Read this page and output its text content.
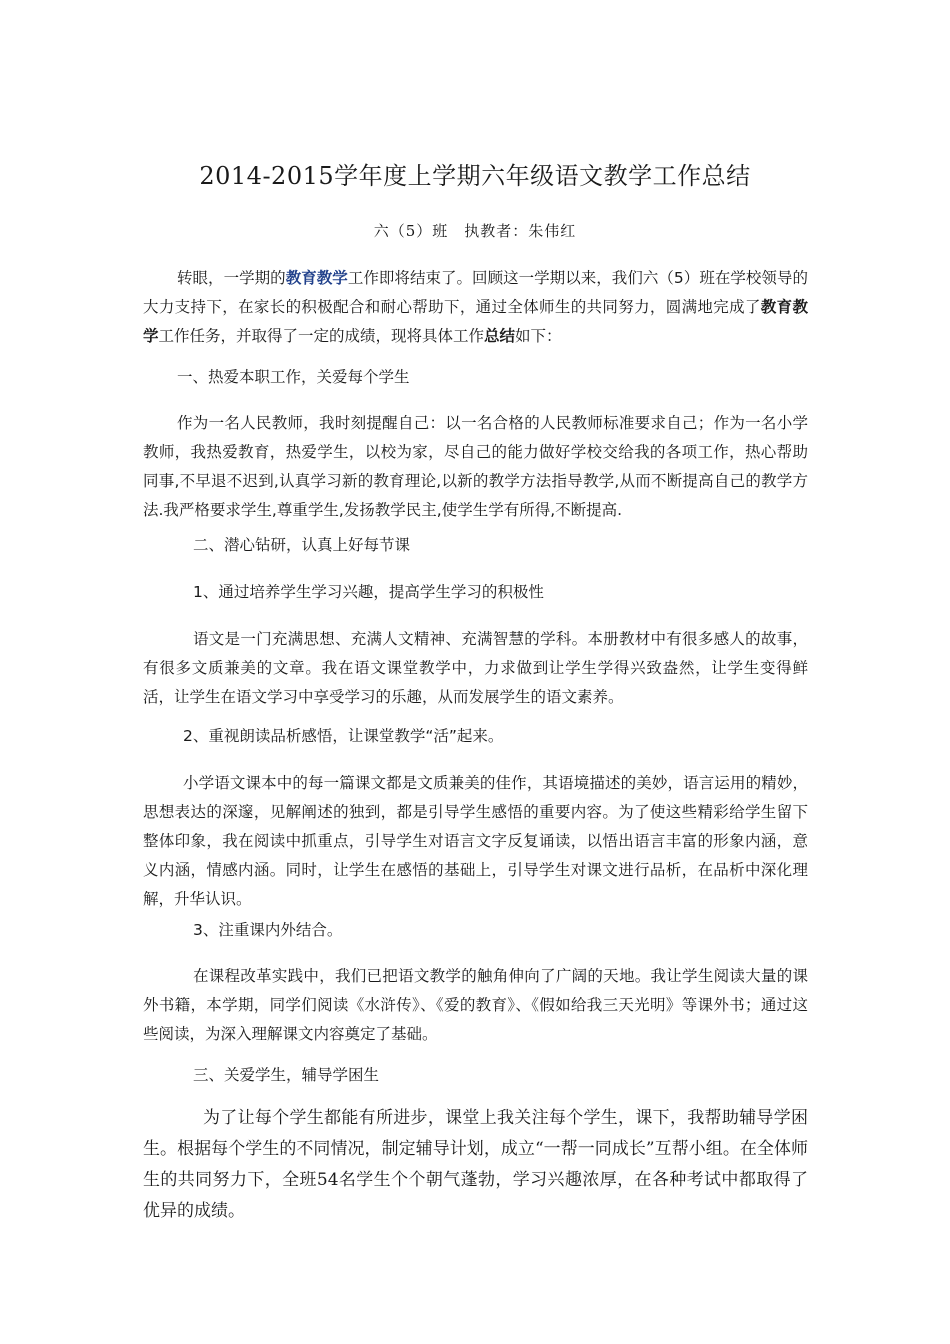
2014-2015学年度上学期六年级语文教学工作总结
六（5）班　执教者：朱伟红
转眼，一学期的教育教学工作即将结束了。回顾这一学期以来，我们六（5）班在学校领导的大力支持下，在家长的积极配合和耐心帮助下，通过全体师生的共同努力，圆满地完成了教育教学工作任务，并取得了一定的成绩，现将具体工作总结如下：
一、热爱本职工作，关爱每个学生
作为一名人民教师，我时刻提醒自己：以一名合格的人民教师标准要求自己；作为一名小学教师，我热爱教育，热爱学生，以校为家，尽自己的能力做好学校交给我的各项工作，热心帮助同事,不早退不迟到,认真学习新的教育理论,以新的教学方法指导教学,从而不断提高自己的教学方法.我严格要求学生,尊重学生,发扬教学民主,使学生学有所得,不断提高.
二、潜心钻研，认真上好每节课
1、通过培养学生学习兴趣，提高学生学习的积极性
语文是一门充满思想、充满人文精神、充满智慧的学科。本册教材中有很多感人的故事，有很多文质兼美的文章。我在语文课堂教学中，力求做到让学生学得兴致盎然，让学生变得鲜活，让学生在语文学习中享受学习的乐趣，从而发展学生的语文素养。
2、重视朗读品析感悟，让课堂教学“活”起来。
小学语文课本中的每一篇课文都是文质兼美的佳作，其语境描述的美妙，语言运用的精妙，思想表达的深邃，见解阐述的独到，都是引导学生感悟的重要内容。为了使这些精彩给学生留下整体印象，我在阅读中抓重点，引导学生对语言文字反复诵读，以悟出语言丰富的形象内涵，意义内涵，情感内涵。同时，让学生在感悟的基础上，引导学生对课文进行品析，在品析中深化理解，升华认识。
3、注重课内外结合。
在课程改革实践中，我们已把语文教学的触角伸向了广阔的天地。我让学生阅读大量的课外书籍，本学期，同学们阅读《水浒传》、《爱的教育》、《假如给我三天光明》等课外书；通过这些阅读，为深入理解课文内容奠定了基础。
三、关爱学生，辅导学困生
为了让每个学生都能有所进步，课堂上我关注每个学生，课下，我帮助辅导学困生。根据每个学生的不同情况，制定辅导计划，成立“一帮一同成长”互帮小组。在全体师生的共同努力下，全班54名学生个个朝气蓬勃，学习兴趣浓厚，在各种考试中都取得了优异的成绩。
